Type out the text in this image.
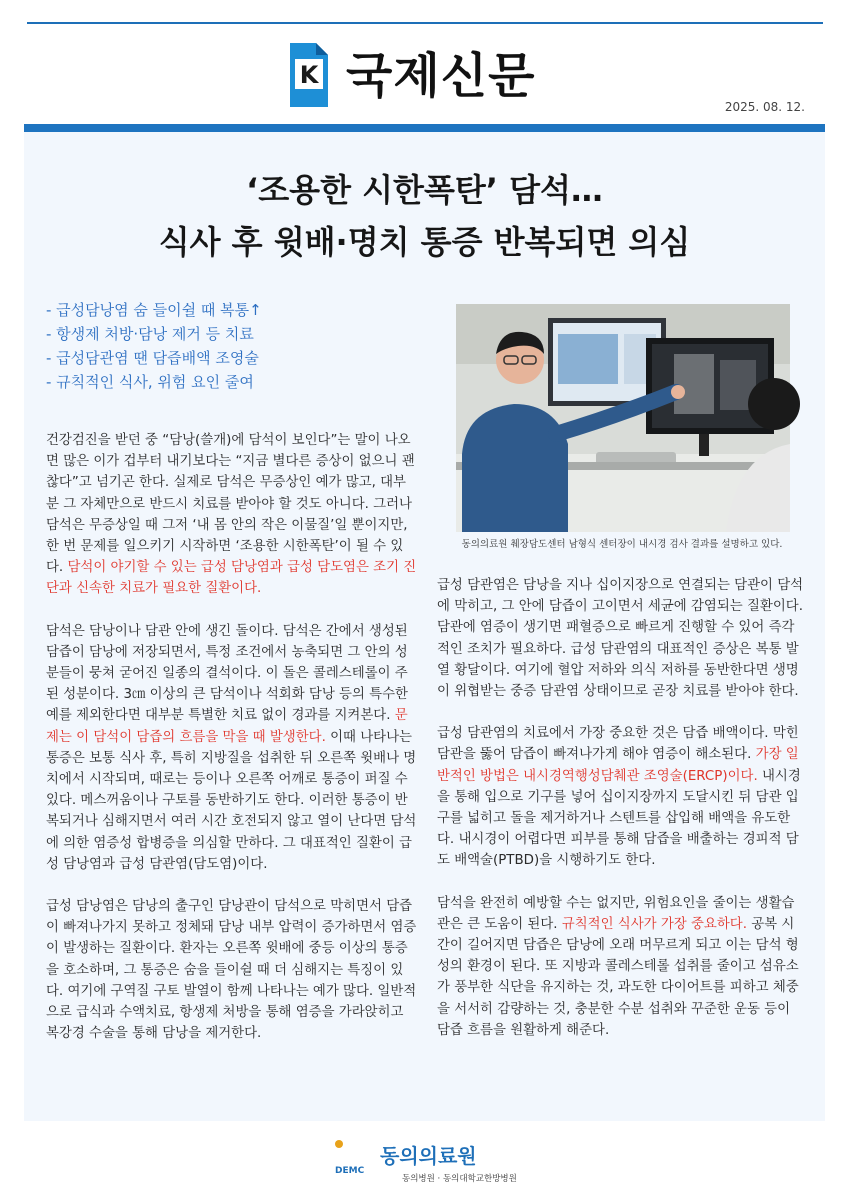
K 국제신문
2025. 08. 12.
‘조용한 시한폭탄’ 담석…
식사 후 윗배·명치 통증 반복되면 의심
- 급성담낭염 숨 들이쉴 때 복통↑
- 항생제 처방·담낭 제거 등 치료
- 급성담관염 땐 담즙배액 조영술
- 규칙적인 식사, 위험 요인 줄여
동의의료원 췌장담도센터 남형식 센터장이 내시경 검사 결과를 설명하고 있다.

건강검진을 받던 중 “담낭(쓸개)에 담석이 보인다”는 말이 나오면 많은 이가 겁부터 내기보다는 “지금 별다른 증상이 없으니 괜찮다”고 넘기곤 한다. 실제로 담석은 무증상인 예가 많고, 대부분 그 자체만으로 반드시 치료를 받아야 할 것도 아니다. 그러나 담석은 무증상일 때 그저 ‘내 몸 안의 작은 이물질’일 뿐이지만, 한 번 문제를 일으키기 시작하면 ‘조용한 시한폭탄’이 될 수 있다. 담석이 야기할 수 있는 급성 담낭염과 급성 담도염은 조기 진단과 신속한 치료가 필요한 질환이다.

담석은 담낭이나 담관 안에 생긴 돌이다. 담석은 간에서 생성된 담즙이 담낭에 저장되면서, 특정 조건에서 농축되면 그 안의 성분들이 뭉쳐 굳어진 일종의 결석이다. 이 돌은 콜레스테롤이 주된 성분이다. 3㎝ 이상의 큰 담석이나 석회화 담낭 등의 특수한 예를 제외한다면 대부분 특별한 치료 없이 경과를 지켜본다. 문제는 이 담석이 담즙의 흐름을 막을 때 발생한다. 이때 나타나는 통증은 보통 식사 후, 특히 지방질을 섭취한 뒤 오른쪽 윗배나 명치에서 시작되며, 때로는 등이나 오른쪽 어깨로 통증이 퍼질 수 있다. 메스꺼움이나 구토를 동반하기도 한다. 이러한 통증이 반복되거나 심해지면서 여러 시간 호전되지 않고 열이 난다면 담석에 의한 염증성 합병증을 의심할 만하다. 그 대표적인 질환이 급성 담낭염과 급성 담관염(담도염)이다.

급성 담낭염은 담낭의 출구인 담낭관이 담석으로 막히면서 담즙이 빠져나가지 못하고 정체돼 담낭 내부 압력이 증가하면서 염증이 발생하는 질환이다. 환자는 오른쪽 윗배에 중등 이상의 통증을 호소하며, 그 통증은 숨을 들이쉴 때 더 심해지는 특징이 있다. 여기에 구역질 구토 발열이 함께 나타나는 예가 많다. 일반적으로 급식과 수액치료, 항생제 처방을 통해 염증을 가라앉히고 복강경 수술을 통해 담낭을 제거한다.

급성 담관염은 담낭을 지나 십이지장으로 연결되는 담관이 담석에 막히고, 그 안에 담즙이 고이면서 세균에 감염되는 질환이다. 담관에 염증이 생기면 패혈증으로 빠르게 진행할 수 있어 즉각적인 조치가 필요하다. 급성 담관염의 대표적인 증상은 복통 발열 황달이다. 여기에 혈압 저하와 의식 저하를 동반한다면 생명이 위협받는 중증 담관염 상태이므로 곧장 치료를 받아야 한다.

급성 담관염의 치료에서 가장 중요한 것은 담즙 배액이다. 막힌 담관을 뚫어 담즙이 빠져나가게 해야 염증이 해소된다. 가장 일반적인 방법은 내시경역행성담췌관 조영술(ERCP)이다. 내시경을 통해 입으로 기구를 넣어 십이지장까지 도달시킨 뒤 담관 입구를 넓히고 돌을 제거하거나 스텐트를 삽입해 배액을 유도한다. 내시경이 어렵다면 피부를 통해 담즙을 배출하는 경피적 담도 배액술(PTBD)을 시행하기도 한다.

담석을 완전히 예방할 수는 없지만, 위험요인을 줄이는 생활습관은 큰 도움이 된다. 규칙적인 식사가 가장 중요하다. 공복 시간이 길어지면 담즙은 담낭에 오래 머무르게 되고 이는 담석 형성의 환경이 된다. 또 지방과 콜레스테롤 섭취를 줄이고 섬유소가 풍부한 식단을 유지하는 것, 과도한 다이어트를 피하고 체중을 서서히 감량하는 것, 충분한 수분 섭취와 꾸준한 운동 등이 담즙 흐름을 원활하게 해준다.

DEMC
동의의료원
동의병원 · 동의대학교한방병원
